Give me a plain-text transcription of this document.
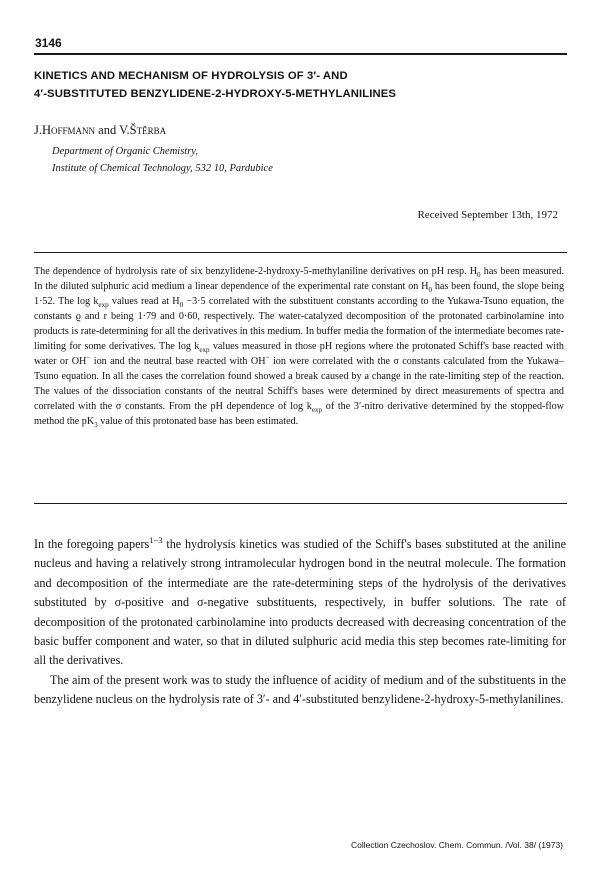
3146
KINETICS AND MECHANISM OF HYDROLYSIS OF 3′- AND
4′-SUBSTITUTED BENZYLIDENE-2-HYDROXY-5-METHYLANILINES
J.Hoffmann and V.Štěrba
Department of Organic Chemistry,
Institute of Chemical Technology, 532 10, Pardubice
Received September 13th, 1972
The dependence of hydrolysis rate of six benzylidene-2-hydroxy-5-methylaniline derivatives on pH resp. $H_0$ has been measured. In the diluted sulphuric acid medium a linear dependence of the experimental rate constant on $H_0$ has been found, the slope being 1·52. The $\log k_{exp}$ values read at $H_0 -3\cdot 5$ correlated with the substituent constants according to the Yukawa-Tsuno equation, the constants ϱ and r being 1·79 and 0·60, respectively. The water-catalyzed decomposition of the protonated carbinolamine into products is rate-determining for all the derivatives in this medium. In buffer media the formation of the intermediate becomes rate-limiting for some derivatives. The $\log k_{exp}$ values measured in those pH regions where the protonated Schiff's base reacted with water or OH− ion and the neutral base reacted with OH− ion were correlated with the σ constants calculated from the Yukawa–Tsuno equation. In all the cases the correlation found showed a break caused by a change in the rate-limiting step of the reaction. The values of the dissociation constants of the neutral Schiff's bases were determined by direct measurements of spectra and correlated with the σ constants. From the pH dependence of $\log k_{exp}$ of the 3′-nitro derivative determined by the stopped-flow method the $pK_3$ value of this protonated base has been estimated.

In the foregoing papers$^{1-3}$ the hydrolysis kinetics was studied of the Schiff's bases substituted at the aniline nucleus and having a relatively strong intramolecular hydrogen bond in the neutral molecule. The formation and decomposition of the intermediate are the rate-determining steps of the hydrolysis of the derivatives substituted by σ-positive and σ-negative substituents, respectively, in buffer solutions. The rate of decomposition of the protonated carbinolamine into products decreased with decreasing concentration of the basic buffer component and water, so that in diluted sulphuric acid media this step becomes rate-limiting for all the derivatives.

The aim of the present work was to study the influence of acidity of medium and of the substituents in the benzylidene nucleus on the hydrolysis rate of 3′- and 4′-substituted benzylidene-2-hydroxy-5-methylanilines.

Collection Czechoslov. Chem. Commun. /Vol. 38/ (1973)
